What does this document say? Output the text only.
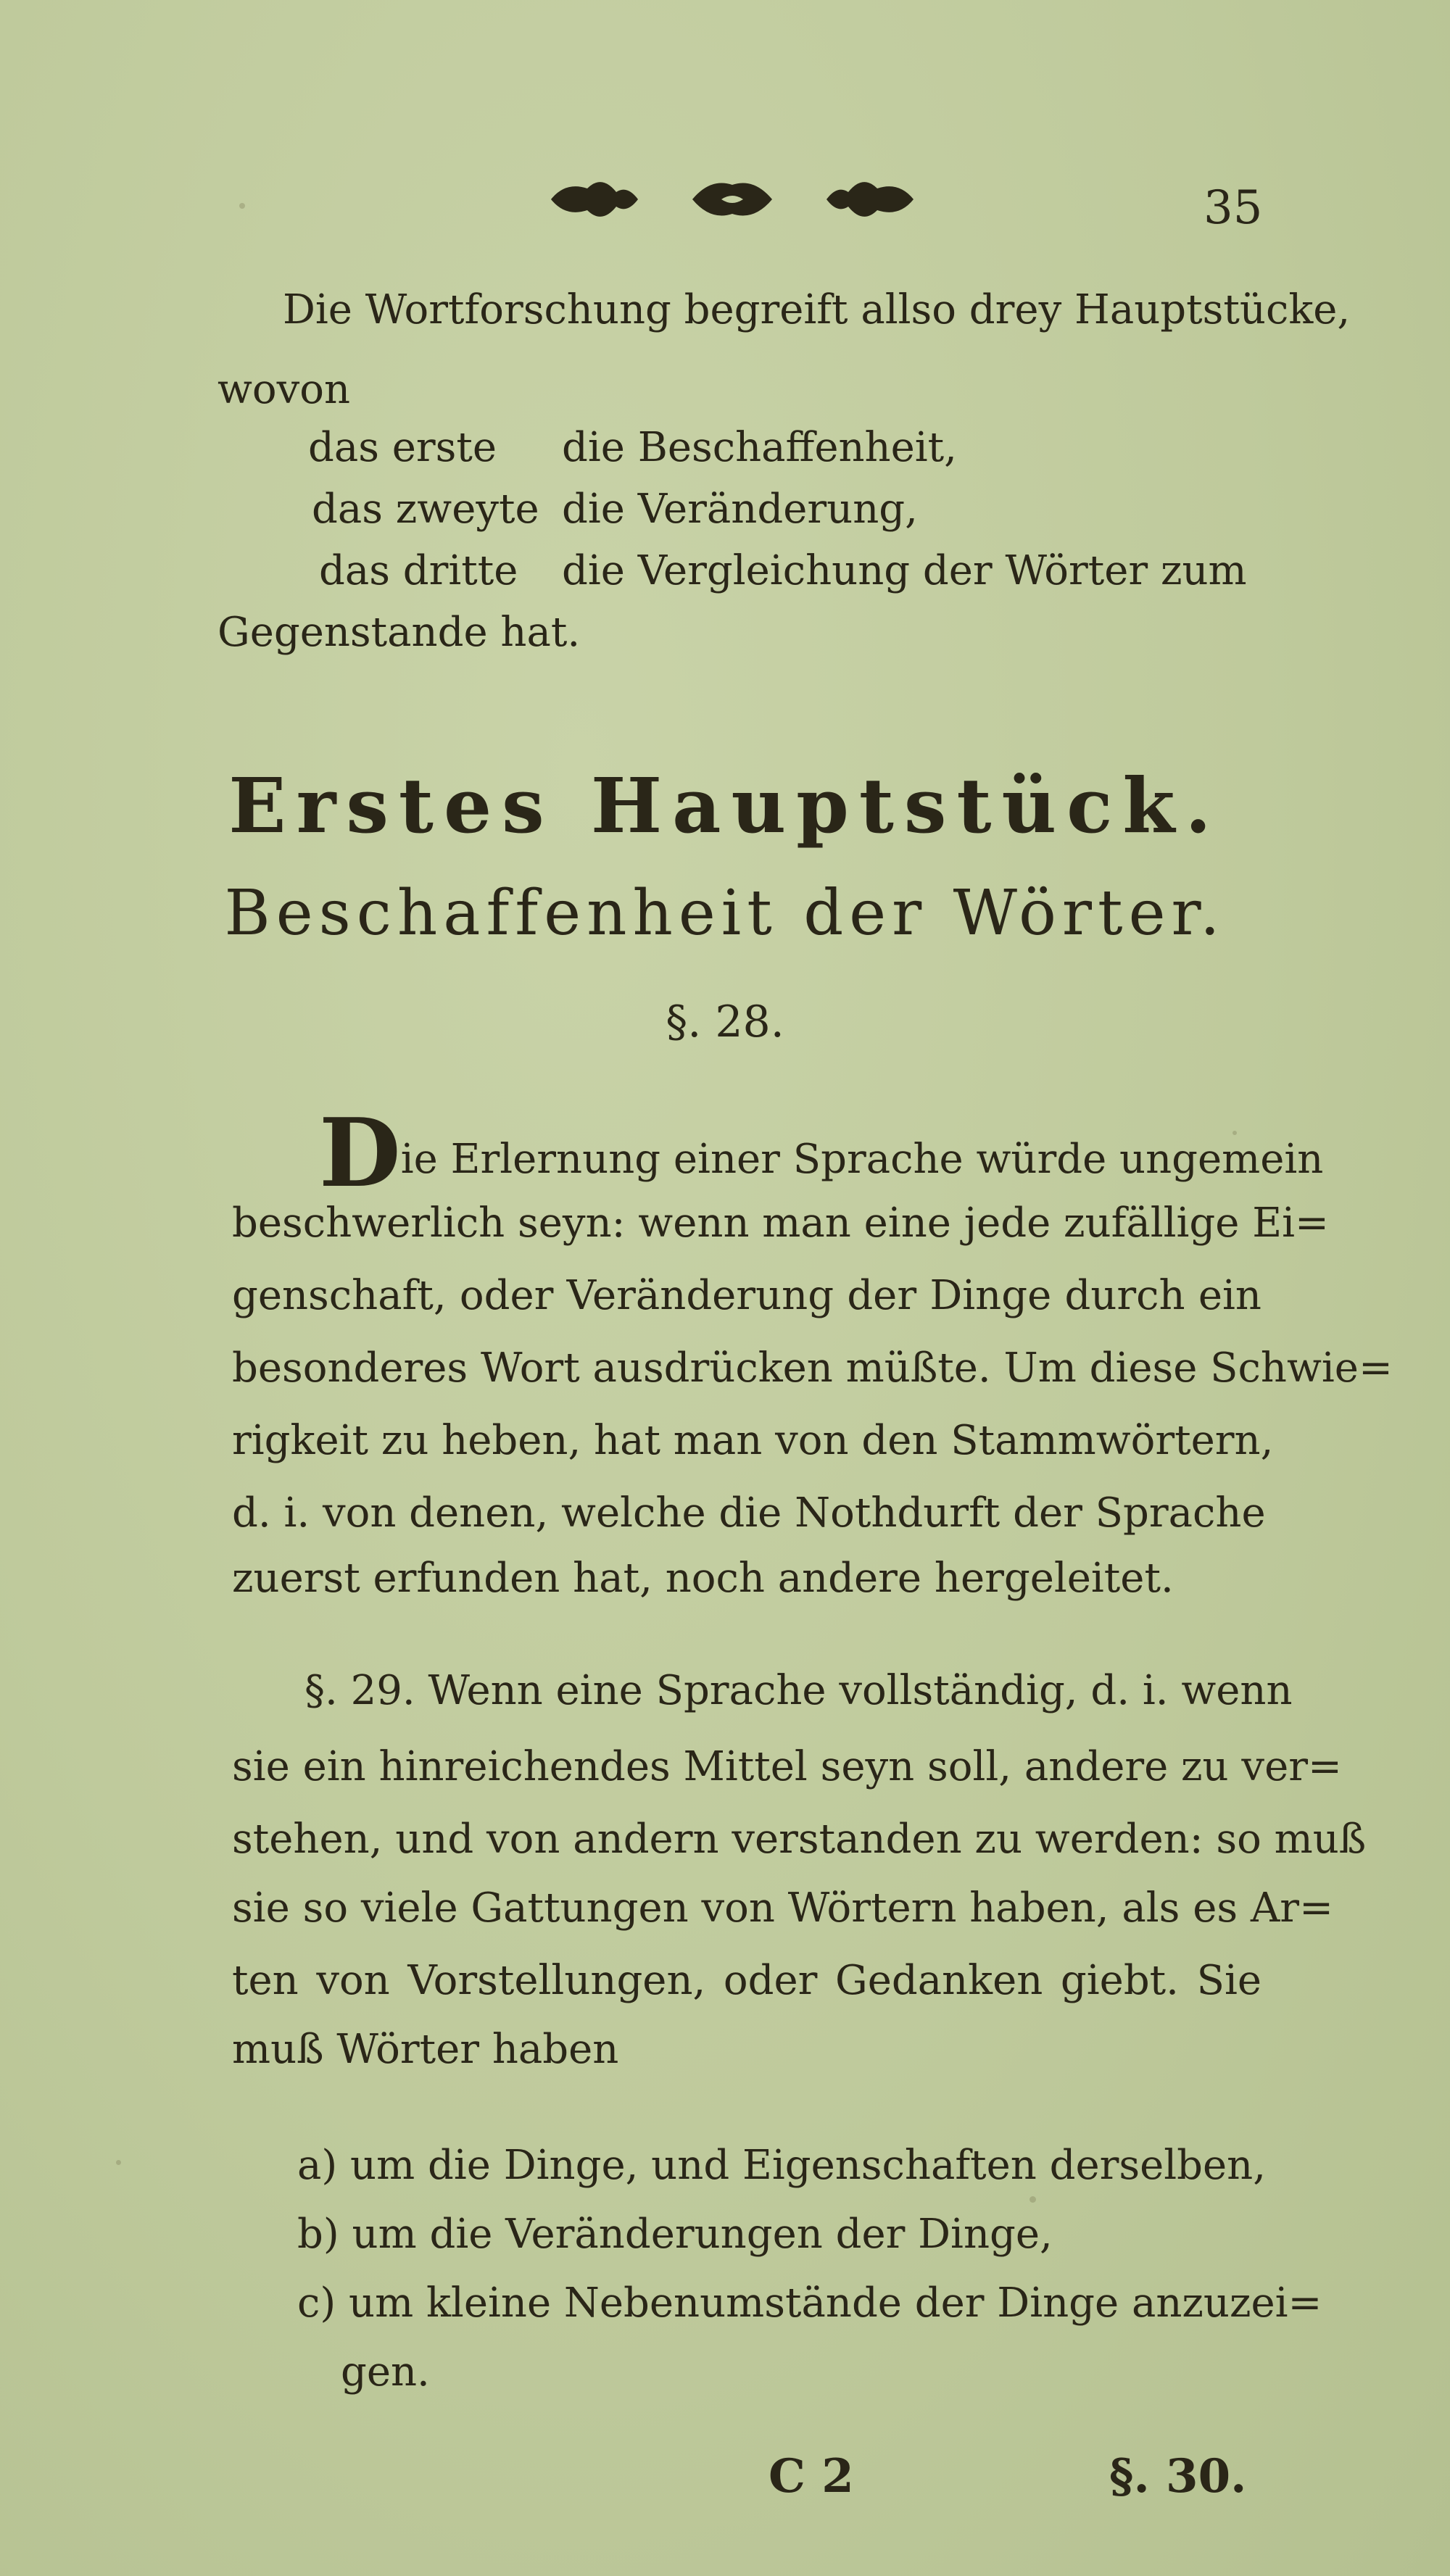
35
Die Wortforschung begreift allso drey Hauptstücke,
wovon
das erste die Beschaffenheit,
das zweyte die Veränderung,
das dritte die Vergleichung der Wörter zum
Gegenstande hat.
Erstes Hauptstück.
Beschaffenheit der Wörter.
§. 28.
Die Erlernung einer Sprache würde ungemein
beschwerlich seyn: wenn man eine jede zufällige Ei=
genschaft, oder Veränderung der Dinge durch ein
besonderes Wort ausdrücken müßte. Um diese Schwie=
rigkeit zu heben, hat man von den Stammwörtern,
d. i. von denen, welche die Nothdurft der Sprache
zuerst erfunden hat, noch andere hergeleitet.
§. 29. Wenn eine Sprache vollständig, d. i. wenn
sie ein hinreichendes Mittel seyn soll, andere zu ver=
stehen, und von andern verstanden zu werden: so muß
sie so viele Gattungen von Wörtern haben, als es Ar=
ten von Vorstellungen, oder Gedanken giebt. Sie
muß Wörter haben
a) um die Dinge, und Eigenschaften derselben,
b) um die Veränderungen der Dinge,
c) um kleine Nebenumstände der Dinge anzuzei=
gen.
C 2	§. 30.
